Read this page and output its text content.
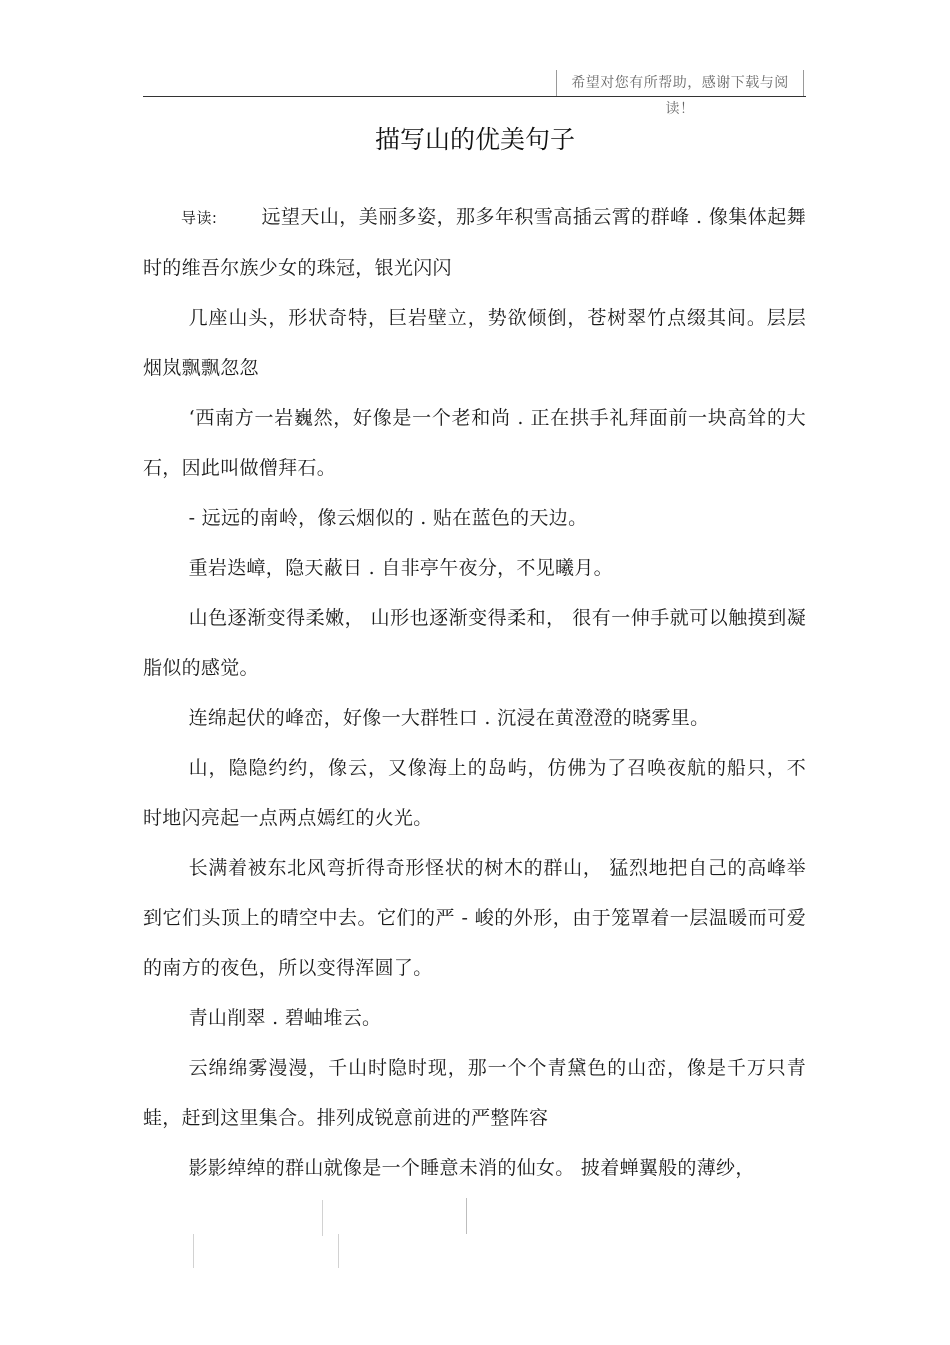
希望对您有所帮助，感谢下载与阅读！
描写山的优美句子

导读: 远望天山，美丽多姿，那多年积雪高插云霄的群峰 . 像集体起舞时的维吾尔族少女的珠冠，银光闪闪

几座山头，形状奇特，巨岩壁立，势欲倾倒，苍树翠竹点缀其间。层层烟岚飘飘忽忽

‘西南方一岩巍然，好像是一个老和尚 . 正在拱手礼拜面前一块高耸的大石，因此叫做僧拜石。

- 远远的南岭，像云烟似的 . 贴在蓝色的天边。

重岩迭嶂，隐天蔽日 . 自非亭午夜分，不见曦月。

山色逐渐变得柔嫩， 山形也逐渐变得柔和， 很有一伸手就可以触摸到凝脂似的感觉。

连绵起伏的峰峦，好像一大群牲口 . 沉浸在黄澄澄的晓雾里。

山，隐隐约约，像云，又像海上的岛屿，仿佛为了召唤夜航的船只，不时地闪亮起一点两点嫣红的火光。

长满着被东北风弯折得奇形怪状的树木的群山， 猛烈地把自己的高峰举到它们头顶上的晴空中去。它们的严 - 峻的外形，由于笼罩着一层温暖而可爱的南方的夜色，所以变得浑圆了。

青山削翠 . 碧岫堆云。

云绵绵雾漫漫，千山时隐时现，那一个个青黛色的山峦，像是千万只青蛙，赶到这里集合。排列成锐意前进的严整阵容

影影绰绰的群山就像是一个睡意未消的仙女。 披着蝉翼般的薄纱，
